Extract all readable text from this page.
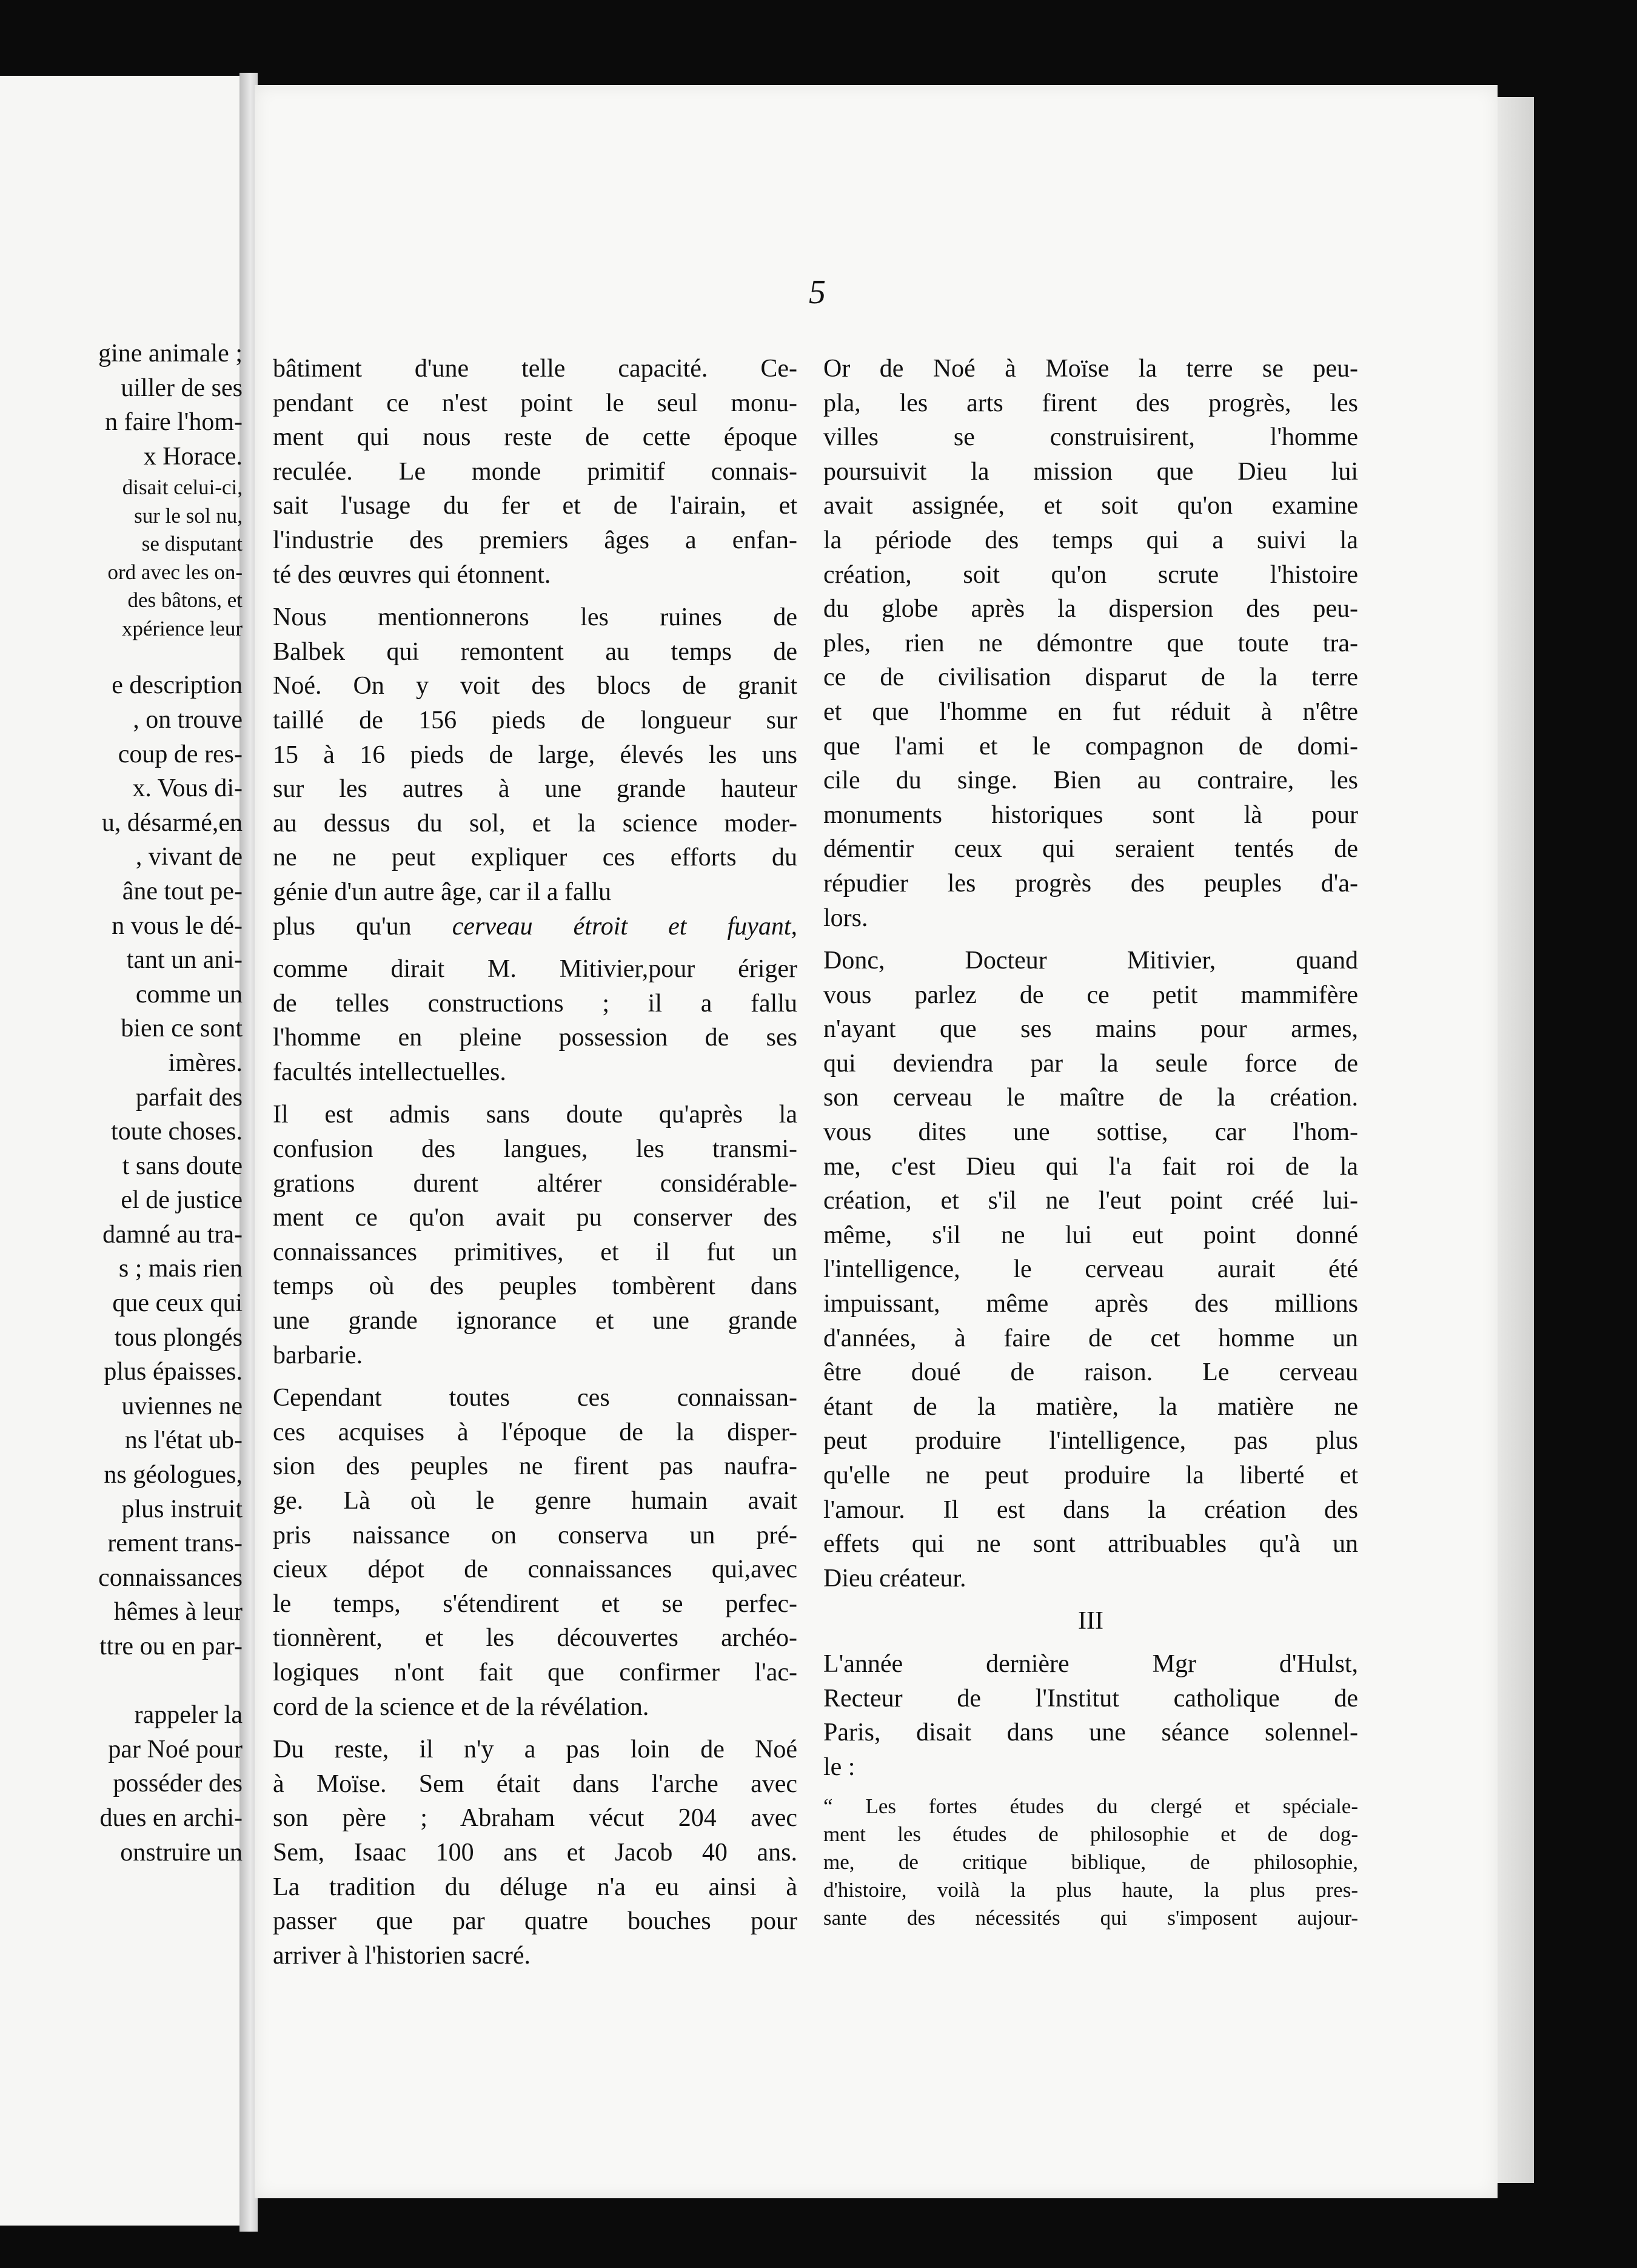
gine animale ;

uiller de ses

n faire l'hom-

x Horace.

disait celui-ci,

sur le sol nu,

se disputant

ord avec les on-

des bâtons, et

xpérience leur

e description

, on trouve

coup de res-

x. Vous di-

u, désarmé,en

, vivant de

âne tout pe-

n vous le dé-

tant un ani-

comme un

bien ce sont

imères.

parfait des

toute choses.

t sans doute

el de justice

damné au tra-

s ; mais rien

que ceux qui

tous plongés

plus épaisses.

uviennes ne

ns l'état ub-

ns géologues,

plus instruit

rement trans-

connaissances

hêmes à leur

ttre ou en par-

rappeler la

par Noé pour

posséder des

dues en archi-

onstruire un

5

bâtiment d'une telle capacité. Ce-

pendant ce n'est point le seul monu-

ment qui nous reste de cette époque

reculée. Le monde primitif connais-

sait l'usage du fer et de l'airain, et

l'industrie des premiers âges a enfan-

té des œuvres qui étonnent.

Nous mentionnerons les ruines de

Balbek qui remontent au temps de

Noé. On y voit des blocs de granit

taillé de 156 pieds de longueur sur

15 à 16 pieds de large, élevés les uns

sur les autres à une grande hauteur

au dessus du sol, et la science moder-

ne ne peut expliquer ces efforts du

génie d'un autre âge, car il a fallu

plus qu'un cerveau étroit et fuyant,

comme dirait M. Mitivier,pour ériger

de telles constructions ; il a fallu

l'homme en pleine possession de ses

facultés intellectuelles.

Il est admis sans doute qu'après la

confusion des langues, les transmi-

grations durent altérer considérable-

ment ce qu'on avait pu conserver des

connaissances primitives, et il fut un

temps où des peuples tombèrent dans

une grande ignorance et une grande

barbarie.

Cependant toutes ces connaissan-

ces acquises à l'époque de la disper-

sion des peuples ne firent pas naufra-

ge. Là où le genre humain avait

pris naissance on conserva un pré-

cieux dépot de connaissances qui,avec

le temps, s'étendirent et se perfec-

tionnèrent, et les découvertes archéo-

logiques n'ont fait que confirmer l'ac-

cord de la science et de la révélation.

Du reste, il n'y a pas loin de Noé

à Moïse. Sem était dans l'arche avec

son père ; Abraham vécut 204 avec

Sem, Isaac 100 ans et Jacob 40 ans.

La tradition du déluge n'a eu ainsi à

passer que par quatre bouches pour

arriver à l'historien sacré.

Or de Noé à Moïse la terre se peu-

pla, les arts firent des progrès, les

villes se construisirent, l'homme

poursuivit la mission que Dieu lui

avait assignée, et soit qu'on examine

la période des temps qui a suivi la

création, soit qu'on scrute l'histoire

du globe après la dispersion des peu-

ples, rien ne démontre que toute tra-

ce de civilisation disparut de la terre

et que l'homme en fut réduit à n'être

que l'ami et le compagnon de domi-

cile du singe. Bien au contraire, les

monuments historiques sont là pour

démentir ceux qui seraient tentés de

répudier les progrès des peuples d'a-

lors.

Donc, Docteur Mitivier, quand

vous parlez de ce petit mammifère

n'ayant que ses mains pour armes,

qui deviendra par la seule force de

son cerveau le maître de la création.

vous dites une sottise, car l'hom-

me, c'est Dieu qui l'a fait roi de la

création, et s'il ne l'eut point créé lui-

même, s'il ne lui eut point donné

l'intelligence, le cerveau aurait été

impuissant, même après des millions

d'années, à faire de cet homme un

être doué de raison. Le cerveau

étant de la matière, la matière ne

peut produire l'intelligence, pas plus

qu'elle ne peut produire la liberté et

l'amour. Il est dans la création des

effets qui ne sont attribuables qu'à un

Dieu créateur.

III

L'année dernière Mgr d'Hulst,

Recteur de l'Institut catholique de

Paris, disait dans une séance solennel-

le :

“ Les fortes études du clergé et spéciale-

ment les études de philosophie et de dog-

me, de critique biblique, de philosophie,

d'histoire, voilà la plus haute, la plus pres-

sante des nécessités qui s'imposent aujour-
